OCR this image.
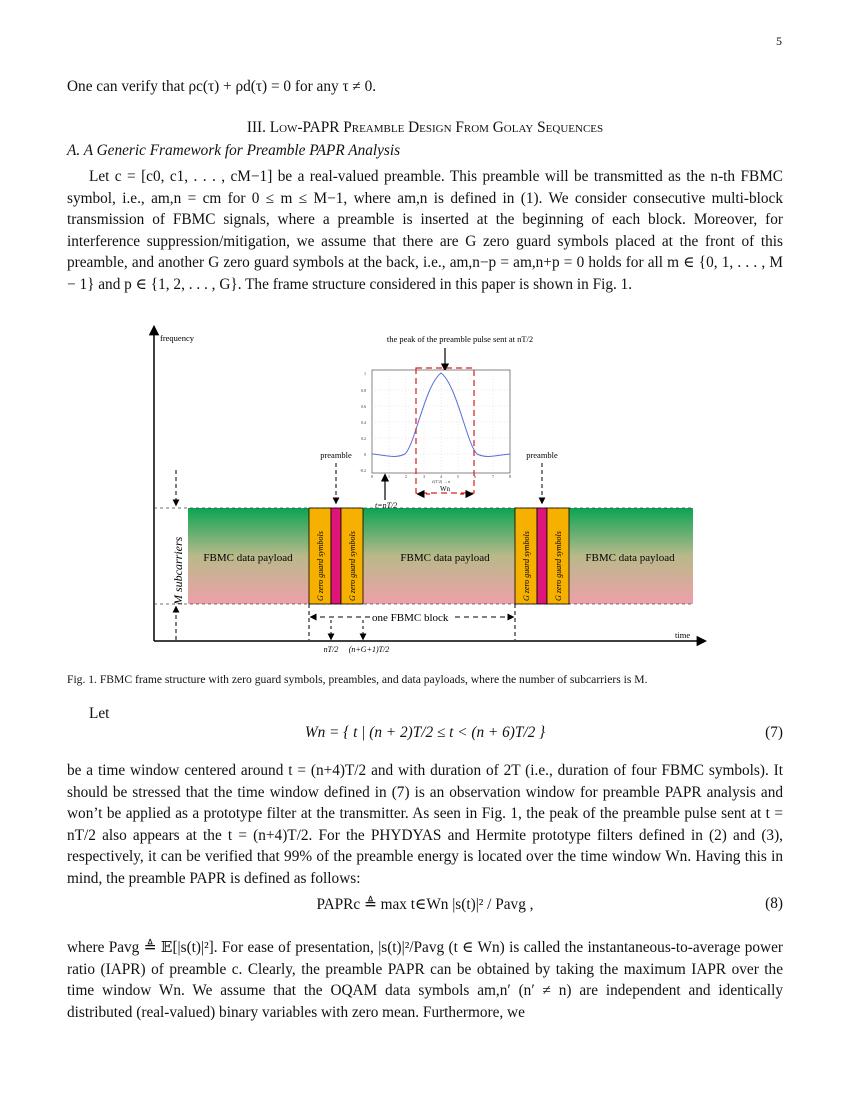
5
One can verify that ρc(τ) + ρd(τ) = 0 for any τ ≠ 0.
III. Low-PAPR Preamble Design From Golay Sequences
A. A Generic Framework for Preamble PAPR Analysis
Let c = [c0, c1, . . . , cM−1] be a real-valued preamble. This preamble will be transmitted as the n-th FBMC symbol, i.e., am,n = cm for 0 ≤ m ≤ M−1, where am,n is defined in (1). We consider consecutive multi-block transmission of FBMC signals, where a preamble is inserted at the beginning of each block. Moreover, for interference suppression/mitigation, we assume that there are G zero guard symbols placed at the front of this preamble, and another G zero guard symbols at the back, i.e., am,n−p = am,n+p = 0 holds for all m ∈ {0, 1, . . . , M − 1} and p ∈ {1, 2, . . . , G}. The frame structure considered in this paper is shown in Fig. 1.
frequency
time
M subcarriers FBMC data payload	FBMC data payload	FBMC data payload
G zero guard symbols	G zero guard symbols	G zero guard symbols	G zero guard symbols
preamble	preamble
t=nT/2
one FBMC block
nT/2 (n+G+1)T/2
the peak of the preamble pulse sent at nT/2
1
0.8
0.6
0.4
0.2
0
-0.2
0	1	2	3	4	5	6	7	8
t/(T/2) → n
Wn
Fig. 1. FBMC frame structure with zero guard symbols, preambles, and data payloads, where the number of subcarriers is M.
Let
Wn = { t | (n + 2)T/2 ≤ t < (n + 6)T/2 }	(7)
be a time window centered around t = (n+4)T/2 and with duration of 2T (i.e., duration of four FBMC symbols). It should be stressed that the time window defined in (7) is an observation window for preamble PAPR analysis and won’t be applied as a prototype filter at the transmitter. As seen in Fig. 1, the peak of the preamble pulse sent at t = nT/2 also appears at the t = (n+4)T/2. For the PHYDYAS and Hermite prototype filters defined in (2) and (3), respectively, it can be verified that 99% of the preamble energy is located over the time window Wn. Having this in mind, the preamble PAPR is defined as follows:
PAPRc ≜ max t∈Wn |s(t)|² / Pavg ,	(8)
where Pavg ≜ 𝔼[|s(t)|²]. For ease of presentation, |s(t)|²/Pavg (t ∈ Wn) is called the instantaneous-to-average power ratio (IAPR) of preamble c. Clearly, the preamble PAPR can be obtained by taking the maximum IAPR over the time window Wn. We assume that the OQAM data symbols am,n′ (n′ ≠ n) are independent and identically distributed (real-valued) binary variables with zero mean. Furthermore, we
